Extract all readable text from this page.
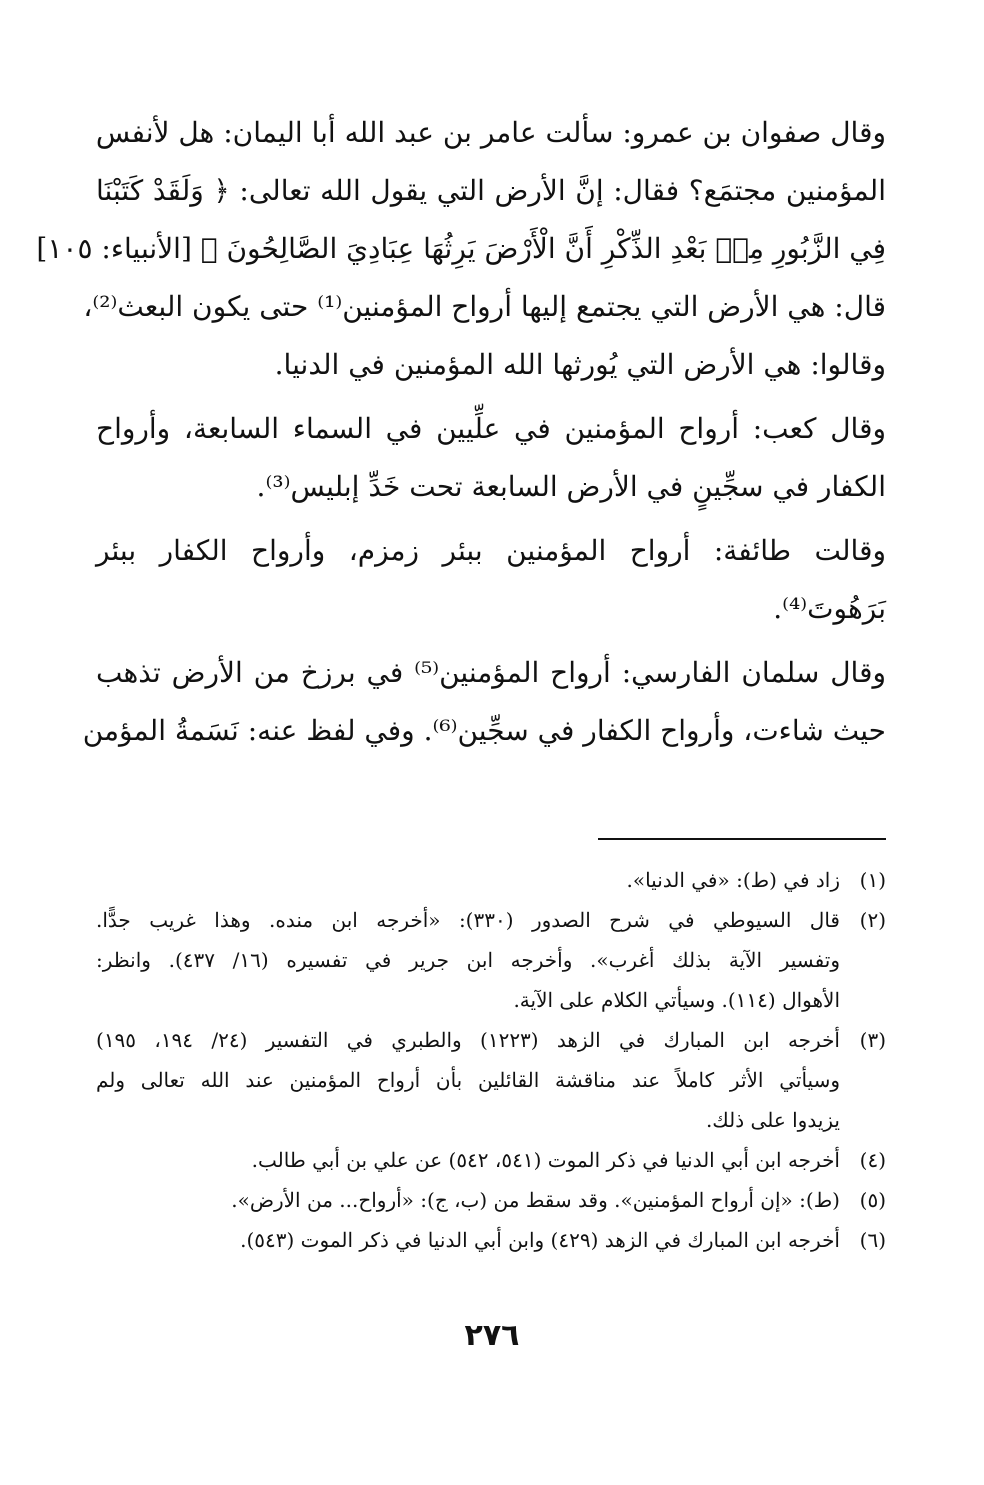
وقال صفوان بن عمرو: سألت عامر بن عبد الله أبا اليمان: هل لأنفس
المؤمنين مجتمَع؟ فقال: إنَّ الأرض التي يقول الله تعالى: ﴿ وَلَقَدْ كَتَبْنَا
فِي الزَّبُورِ مِنۢ بَعْدِ الذِّكْرِ أَنَّ الْأَرْضَ يَرِثُهَا عِبَادِيَ الصَّالِحُونَ ﴾ [الأنبياء: ١٠٥]
قال: هي الأرض التي يجتمع إليها أرواح المؤمنين⁽¹⁾ حتى يكون البعث⁽²⁾،
وقالوا: هي الأرض التي يُورثها الله المؤمنين في الدنيا.
وقال كعب: أرواح المؤمنين في علِّيين في السماء السابعة، وأرواح
الكفار في سجِّينٍ في الأرض السابعة تحت خَدِّ إبليس⁽³⁾.
وقالت طائفة: أرواح المؤمنين ببئر زمزم، وأرواح الكفار ببئر
بَرَهُوتَ⁽⁴⁾.
وقال سلمان الفارسي: أرواح المؤمنين⁽⁵⁾ في برزخ من الأرض تذهب
حيث شاءت، وأرواح الكفار في سجِّين⁽⁶⁾. وفي لفظ عنه: نَسَمةُ المؤمن
(١)
زاد في (ط): «في الدنيا».
(٢)
قال السيوطي في شرح الصدور (٣٣٠): «أخرجه ابن منده. وهذا غريب جدًّا.
وتفسير الآية بذلك أغرب». وأخرجه ابن جرير في تفسيره (١٦/ ٤٣٧). وانظر:
الأهوال (١١٤). وسيأتي الكلام على الآية.
(٣)
أخرجه ابن المبارك في الزهد (١٢٢٣) والطبري في التفسير (٢٤/ ١٩٤، ١٩٥)
وسيأتي الأثر كاملاً عند مناقشة القائلين بأن أرواح المؤمنين عند الله تعالى ولم
يزيدوا على ذلك.
(٤)
أخرجه ابن أبي الدنيا في ذكر الموت (٥٤١، ٥٤٢) عن علي بن أبي طالب.
(٥)
(ط): «إن أرواح المؤمنين». وقد سقط من (ب، ج): «أرواح... من الأرض».
(٦)
أخرجه ابن المبارك في الزهد (٤٢٩) وابن أبي الدنيا في ذكر الموت (٥٤٣).
٢٧٦
